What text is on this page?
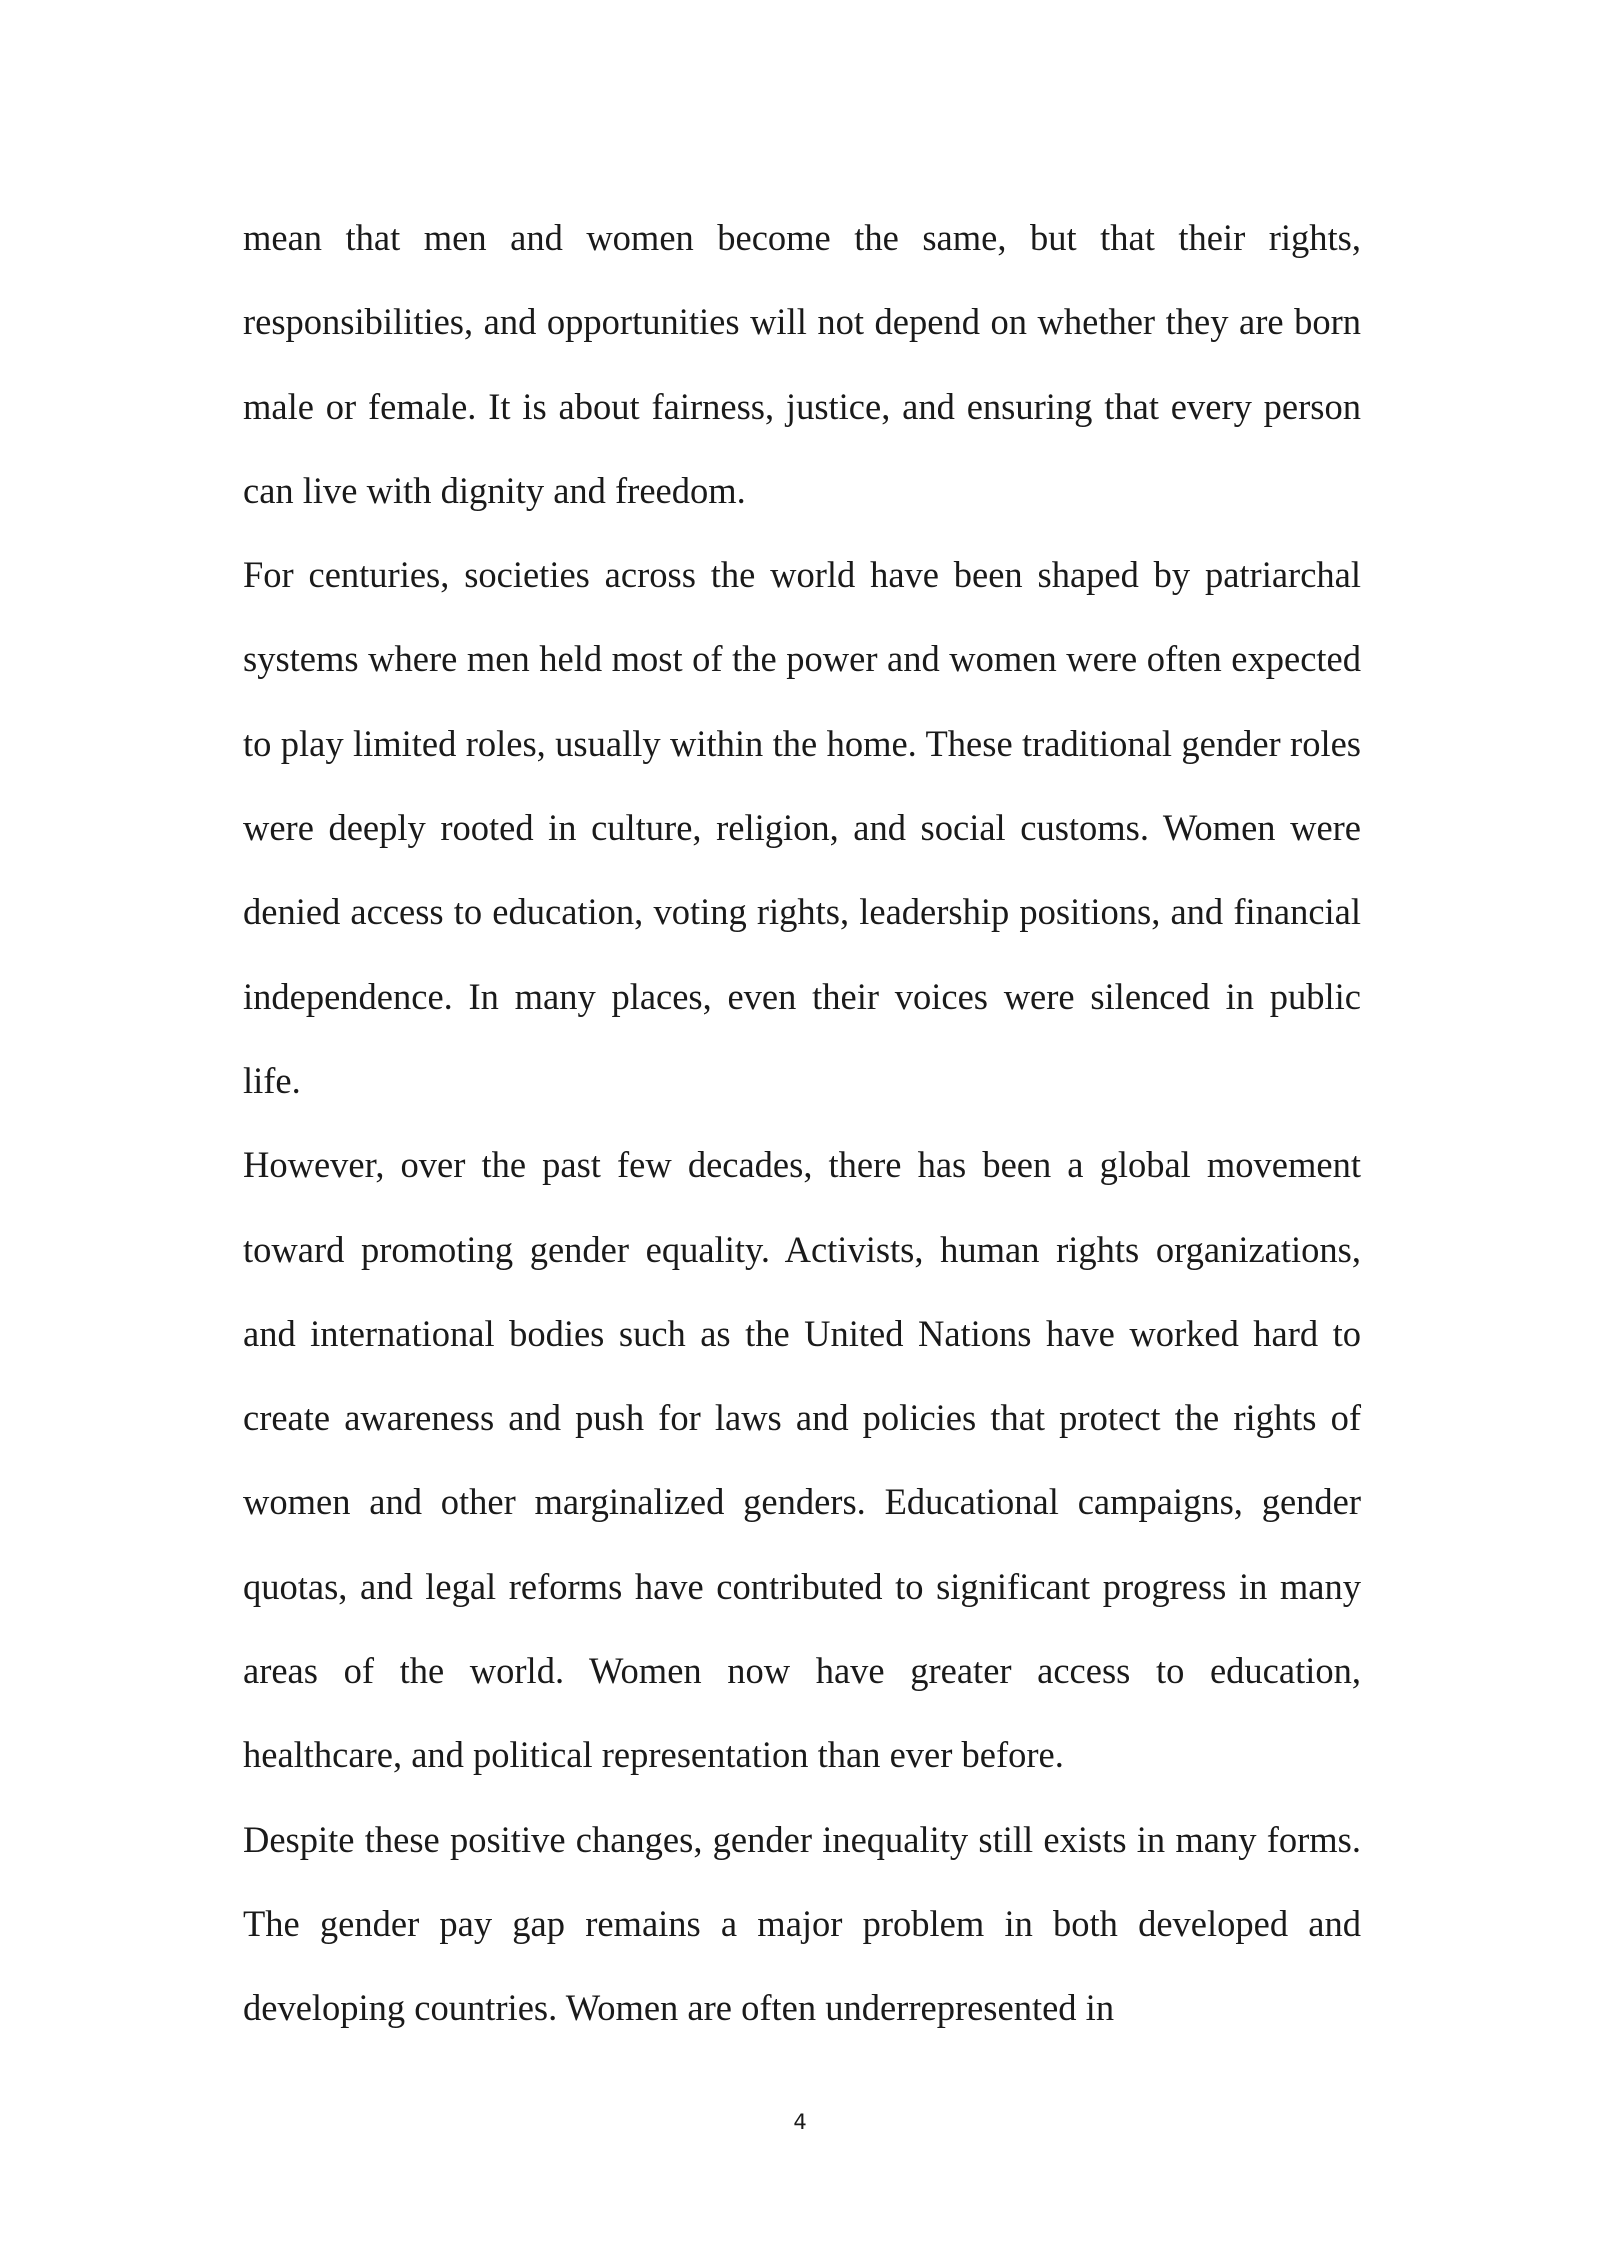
mean that men and women become the same, but that their rights, responsibilities, and opportunities will not depend on whether they are born male or female. It is about fairness, justice, and ensuring that every person can live with dignity and freedom.

For centuries, societies across the world have been shaped by patriarchal systems where men held most of the power and women were often expected to play limited roles, usually within the home. These traditional gender roles were deeply rooted in culture, religion, and social customs. Women were denied access to education, voting rights, leadership positions, and financial independence. In many places, even their voices were silenced in public life.

However, over the past few decades, there has been a global movement toward promoting gender equality. Activists, human rights organizations, and international bodies such as the United Nations have worked hard to create awareness and push for laws and policies that protect the rights of women and other marginalized genders. Educational campaigns, gender quotas, and legal reforms have contributed to significant progress in many areas of the world. Women now have greater access to education, healthcare, and political representation than ever before.

Despite these positive changes, gender inequality still exists in many forms. The gender pay gap remains a major problem in both developed and developing countries. Women are often underrepresented in

4
